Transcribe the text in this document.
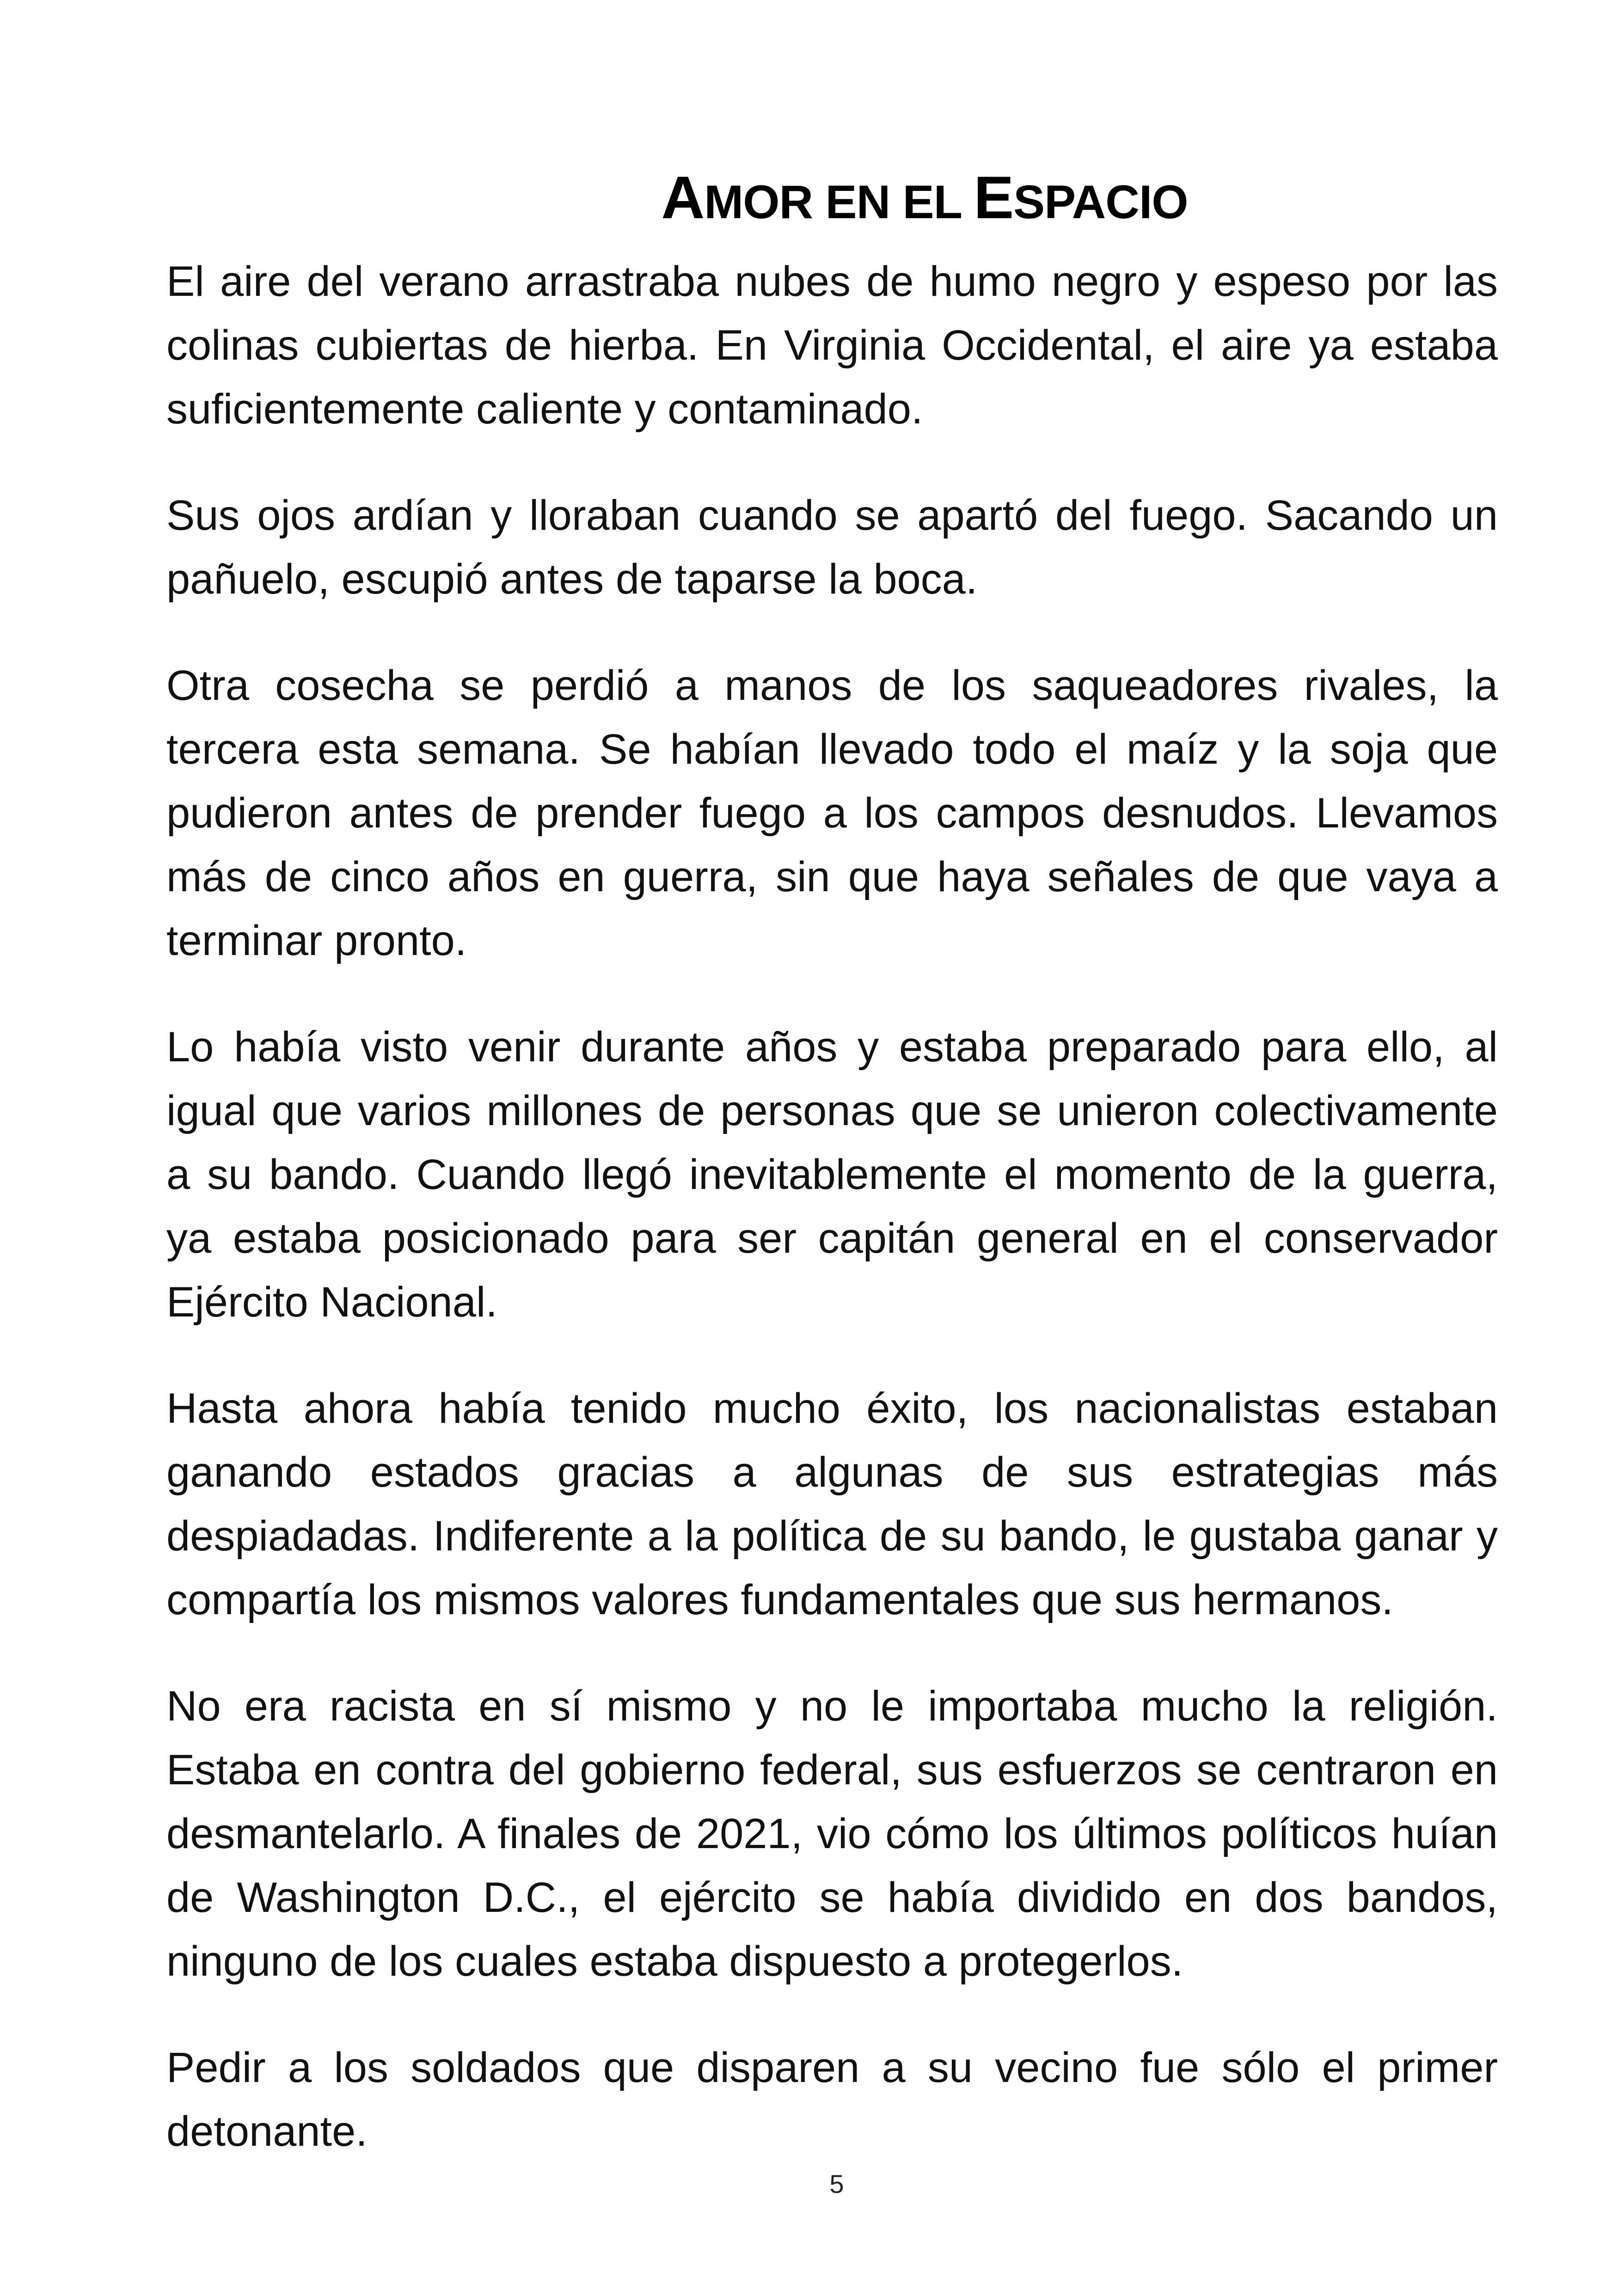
AMOR EN EL ESPACIO

El aire del verano arrastraba nubes de humo negro y espeso por las colinas cubiertas de hierba. En Virginia Occidental, el aire ya estaba suficientemente caliente y contaminado.

Sus ojos ardían y lloraban cuando se apartó del fuego. Sacando un pañuelo, escupió antes de taparse la boca.

Otra cosecha se perdió a manos de los saqueadores rivales, la tercera esta semana. Se habían llevado todo el maíz y la soja que pudieron antes de prender fuego a los campos desnudos. Llevamos más de cinco años en guerra, sin que haya señales de que vaya a terminar pronto.

Lo había visto venir durante años y estaba preparado para ello, al igual que varios millones de personas que se unieron colectivamente a su bando. Cuando llegó inevitablemente el momento de la guerra, ya estaba posicionado para ser capitán general en el conservador Ejército Nacional.

Hasta ahora había tenido mucho éxito, los nacionalistas estaban ganando estados gracias a algunas de sus estrategias más despiadadas. Indiferente a la política de su bando, le gustaba ganar y compartía los mismos valores fundamentales que sus hermanos.

No era racista en sí mismo y no le importaba mucho la religión. Estaba en contra del gobierno federal, sus esfuerzos se centraron en desmantelarlo. A finales de 2021, vio cómo los últimos políticos huían de Washington D.C., el ejército se había dividido en dos bandos, ninguno de los cuales estaba dispuesto a protegerlos.

Pedir a los soldados que disparen a su vecino fue sólo el primer detonante.

5
